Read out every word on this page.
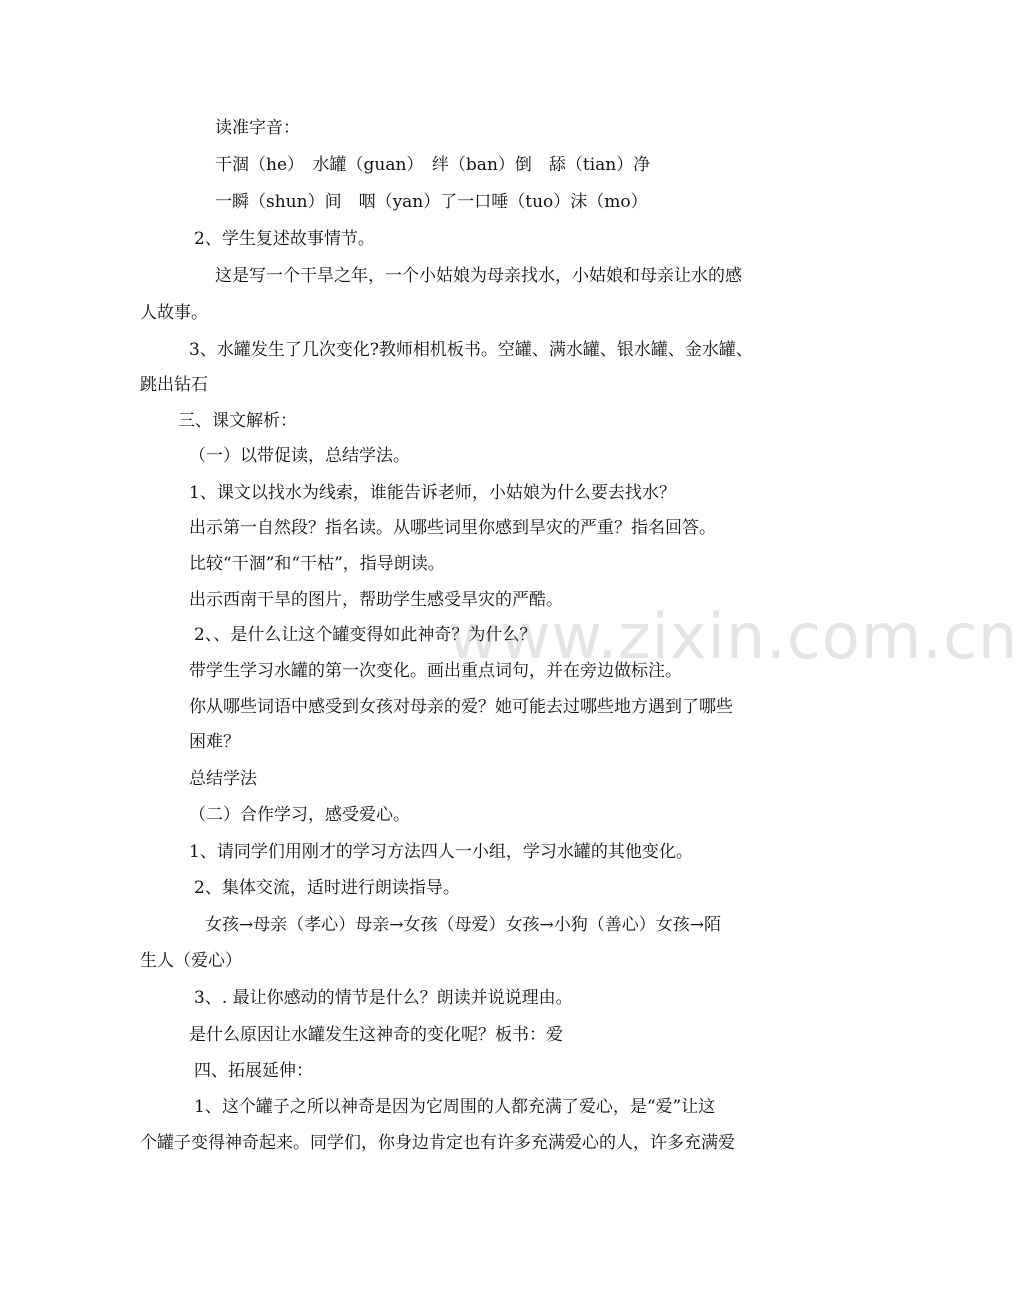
www.zixin.com.cn
读准字音：
干涸（he）　水罐（guan）　绊（ban）倒　舔（tian）净
一瞬（shun）间　咽（yan）了一口唾（tuo）沫（mo）
2、学生复述故事情节。
这是写一个干旱之年，一个小姑娘为母亲找水，小姑娘和母亲让水的感
人故事。
3、水罐发生了几次变化?教师相机板书。空罐、满水罐、银水罐、金水罐、
跳出钻石
三、课文解析：
（一）以带促读，总结学法。
1、课文以找水为线索，谁能告诉老师，小姑娘为什么要去找水？
出示第一自然段？指名读。从哪些词里你感到旱灾的严重？指名回答。
比较“干涸”和“干枯”，指导朗读。
出示西南干旱的图片，帮助学生感受旱灾的严酷。
2、、是什么让这个罐变得如此神奇？为什么？
带学生学习水罐的第一次变化。画出重点词句，并在旁边做标注。
你从哪些词语中感受到女孩对母亲的爱？她可能去过哪些地方遇到了哪些
困难？
总结学法
（二）合作学习，感受爱心。
1、请同学们用刚才的学习方法四人一小组，学习水罐的其他变化。
2、集体交流，适时进行朗读指导。
女孩→母亲（孝心）母亲→女孩（母爱）女孩→小狗（善心）女孩→陌
生人（爱心）
3、. 最让你感动的情节是什么？朗读并说说理由。
是什么原因让水罐发生这神奇的变化呢？板书：爱
四、拓展延伸：
1、这个罐子之所以神奇是因为它周围的人都充满了爱心，是“爱”让这
个罐子变得神奇起来。同学们，你身边肯定也有许多充满爱心的人，许多充满爱
